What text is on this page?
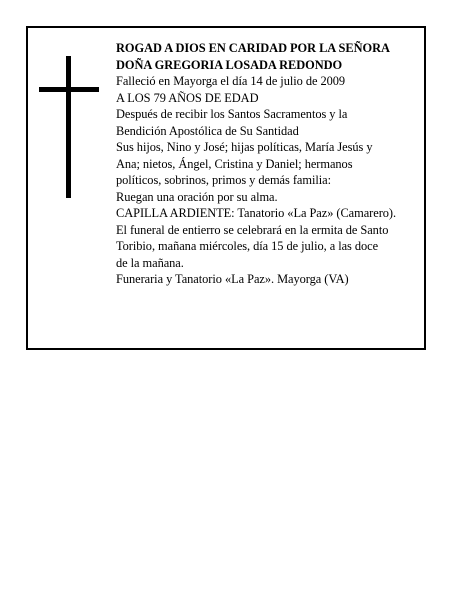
ROGAD A DIOS EN CARIDAD POR LA SEÑORA
DOÑA GREGORIA LOSADA REDONDO
Falleció en Mayorga el día 14 de julio de 2009
A LOS 79 AÑOS DE EDAD
Después de recibir los Santos Sacramentos y la
Bendición Apostólica de Su Santidad
Sus hijos, Nino y José; hijas políticas, María Jesús y
Ana; nietos, Ángel, Cristina y Daniel; hermanos
políticos, sobrinos, primos y demás familia:
Ruegan una oración por su alma.
CAPILLA ARDIENTE: Tanatorio «La Paz» (Camarero).
El funeral de entierro se celebrará en la ermita de Santo
Toribio, mañana miércoles, día 15 de julio, a las doce
de la mañana.
Funeraria y Tanatorio «La Paz». Mayorga (VA)
